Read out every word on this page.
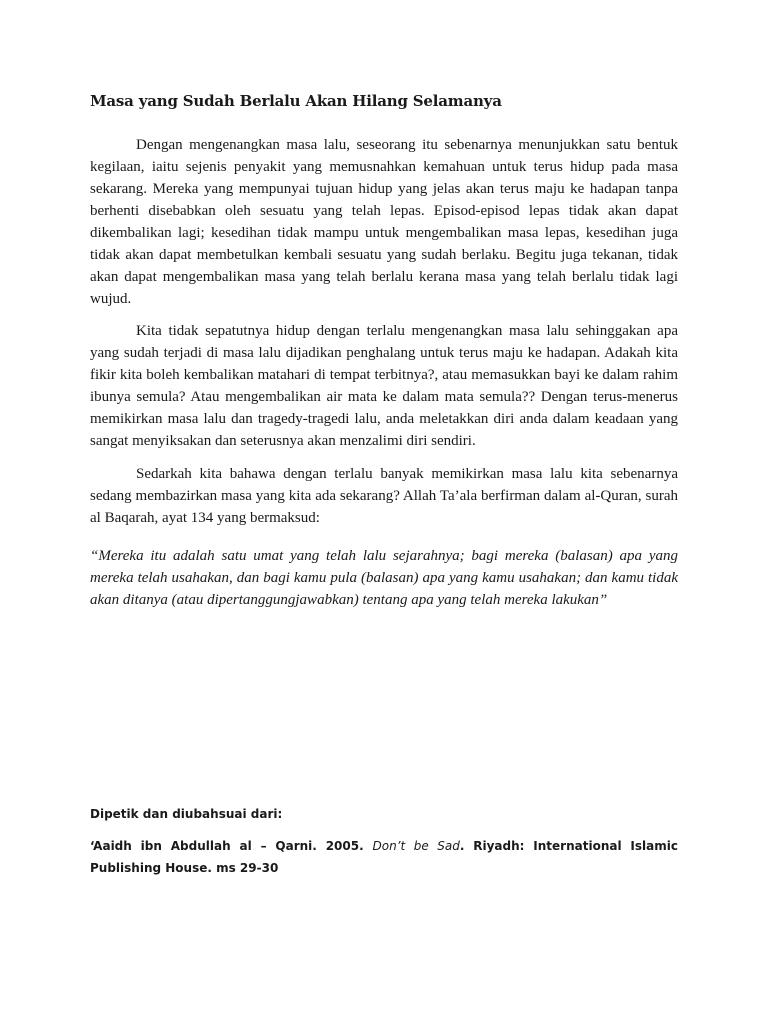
Masa yang Sudah Berlalu Akan Hilang Selamanya

Dengan mengenangkan masa lalu, seseorang itu sebenarnya menunjukkan satu bentuk kegilaan, iaitu sejenis penyakit yang memusnahkan kemahuan untuk terus hidup pada masa sekarang. Mereka yang mempunyai tujuan hidup yang jelas akan terus maju ke hadapan tanpa berhenti disebabkan oleh sesuatu yang telah lepas. Episod-episod lepas tidak akan dapat dikembalikan lagi; kesedihan tidak mampu untuk mengembalikan masa lepas, kesedihan juga tidak akan dapat membetulkan kembali sesuatu yang sudah berlaku. Begitu juga tekanan, tidak akan dapat mengembalikan masa yang telah berlalu kerana masa yang telah berlalu tidak lagi wujud.

Kita tidak sepatutnya hidup dengan terlalu mengenangkan masa lalu sehinggakan apa yang sudah terjadi di masa lalu dijadikan penghalang untuk terus maju ke hadapan. Adakah kita fikir kita boleh kembalikan matahari di tempat terbitnya?, atau memasukkan bayi ke dalam rahim ibunya semula? Atau mengembalikan air mata ke dalam mata semula?? Dengan terus-menerus memikirkan masa lalu dan tragedy-tragedi lalu, anda meletakkan diri anda dalam keadaan yang sangat menyiksakan dan seterusnya akan menzalimi diri sendiri.

Sedarkah kita bahawa dengan terlalu banyak memikirkan masa lalu kita sebenarnya sedang membazirkan masa yang kita ada sekarang? Allah Ta’ala berfirman dalam al-Quran, surah al Baqarah, ayat 134 yang bermaksud:

“Mereka itu adalah satu umat yang telah lalu sejarahnya; bagi mereka (balasan) apa yang mereka telah usahakan, dan bagi kamu pula (balasan) apa yang kamu usahakan; dan kamu tidak akan ditanya (atau dipertanggungjawabkan) tentang apa yang telah mereka lakukan”

Dipetik dan diubahsuai dari:

‘Aaidh ibn Abdullah al – Qarni. 2005. Don’t be Sad. Riyadh: International Islamic Publishing House. ms 29-30
